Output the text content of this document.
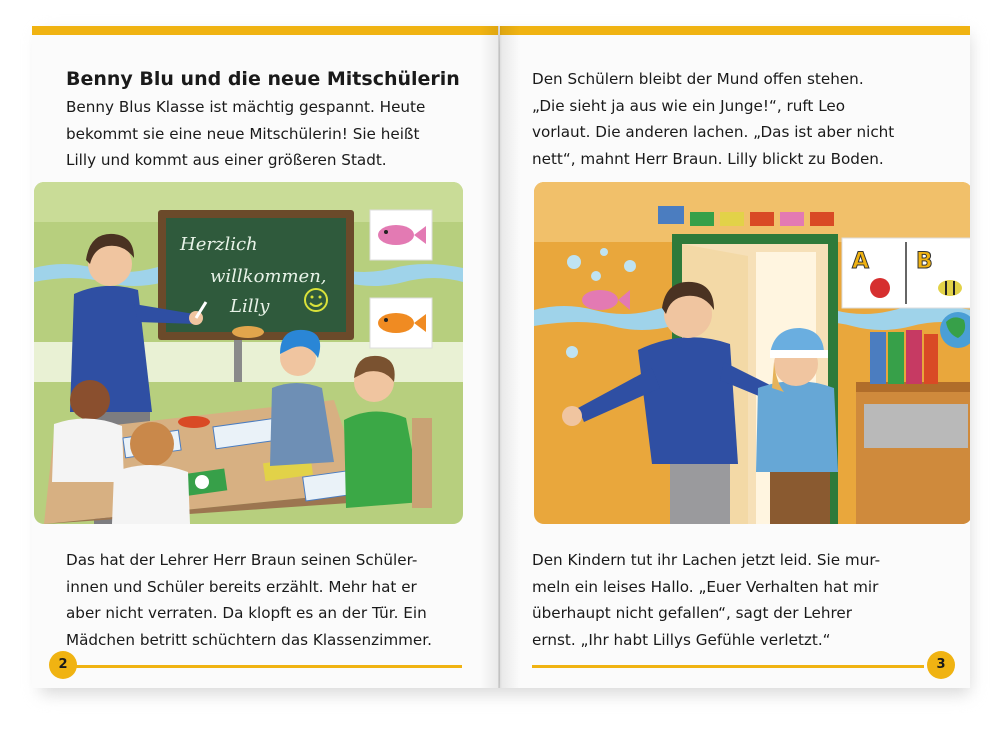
Benny Blu und die neue Mitschülerin
Benny Blus Klasse ist mächtig gespannt. Heute
bekommt sie eine neue Mitschülerin! Sie heißt
Lilly und kommt aus einer größeren Stadt.
Herzlich
willkommen,
Lilly
Das hat der Lehrer Herr Braun seinen Schüler-
innen und Schüler bereits erzählt. Mehr hat er
aber nicht verraten. Da klopft es an der Tür. Ein
Mädchen betritt schüchtern das Klassenzimmer.
2
Den Schülern bleibt der Mund offen stehen.
„Die sieht ja aus wie ein Junge!“, ruft Leo
vorlaut. Die anderen lachen. „Das ist aber nicht
nett“, mahnt Herr Braun. Lilly blickt zu Boden.
A B
Den Kindern tut ihr Lachen jetzt leid. Sie mur-
meln ein leises Hallo. „Euer Verhalten hat mir
überhaupt nicht gefallen“, sagt der Lehrer
ernst. „Ihr habt Lillys Gefühle verletzt.“
3
